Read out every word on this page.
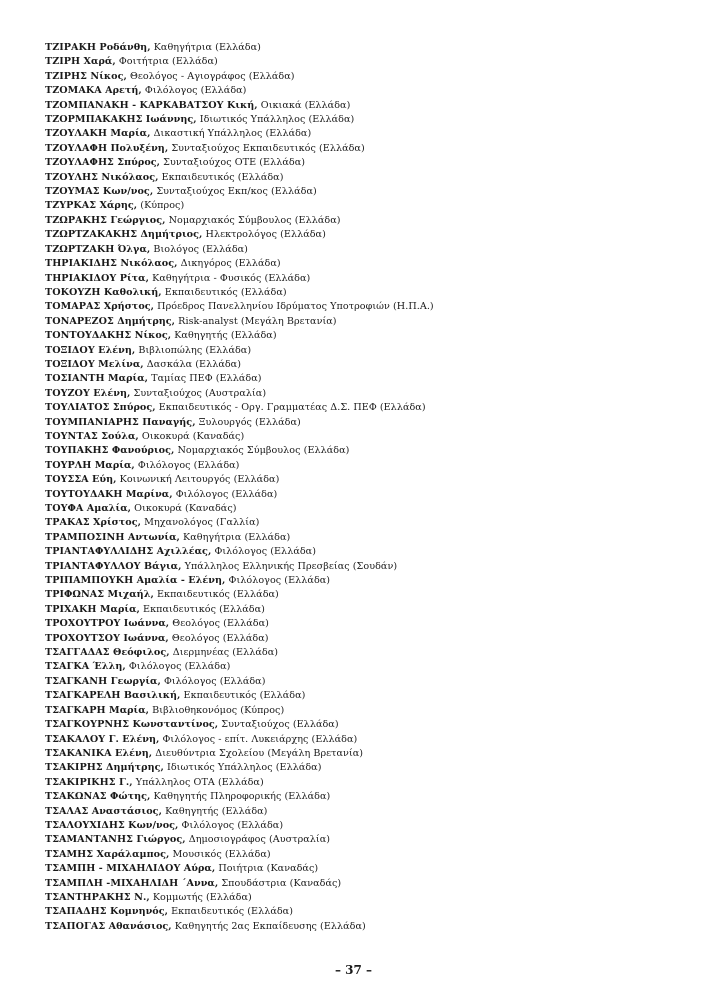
ΤΖΙΡΑΚΗ Ροδάνθη, Καθηγήτρια (Ελλάδα)
ΤΖΙΡΗ Χαρά, Φοιτήτρια (Ελλάδα)
ΤΖΙΡΗΣ Νίκος, Θεολόγος - Αγιογράφος (Ελλάδα)
ΤΖΟΜΑΚΑ Αρετή, Φιλόλογος (Ελλάδα)
ΤΖΟΜΠΑΝΑΚΗ - ΚΑΡΚΑΒΑΤΣΟΥ Κική, Οικιακά (Ελλάδα)
ΤΖΟΡΜΠΑΚΑΚΗΣ Ιωάννης, Ιδιωτικός Υπάλληλος (Ελλάδα)
ΤΖΟΥΛΑΚΗ Μαρία, Δικαστική Υπάλληλος (Ελλάδα)
ΤΖΟΥΛΑΦΗ Πολυξένη, Συνταξιούχος Εκπαιδευτικός (Ελλάδα)
ΤΖΟΥΛΑΦΗΣ Σπύρος, Συνταξιούχος ΟΤΕ (Ελλάδα)
ΤΖΟΥΛΗΣ Νικόλαος, Εκπαιδευτικός (Ελλάδα)
ΤΖΟΥΜΑΣ Κων/νος, Συνταξιούχος Εκπ/κος (Ελλάδα)
ΤΖΥΡΚΑΣ Χάρης, (Κύπρος)
ΤΖΩΡΑΚΗΣ Γεώργιος, Νομαρχιακός Σύμβουλος (Ελλάδα)
ΤΖΩΡΤΖΑΚΑΚΗΣ Δημήτριος, Ηλεκτρολόγος (Ελλάδα)
ΤΖΩΡΤΖΑΚΗ Όλγα, Βιολόγος (Ελλάδα)
ΤΗΡΙΑΚΙΔΗΣ Νικόλαος, Δικηγόρος (Ελλάδα)
ΤΗΡΙΑΚΙΔΟΥ Ρίτα, Καθηγήτρια - Φυσικός (Ελλάδα)
ΤΟΚΟΥΖΗ Καθολική, Εκπαιδευτικός (Ελλάδα)
ΤΟΜΑΡΑΣ Χρήστος, Πρόεδρος Πανελληνίου Ιδρύματος Υποτροφιών (Η.Π.Α.)
ΤΟΝΑΡΕΖΟΣ Δημήτρης, Risk-analyst (Μεγάλη Βρετανία)
ΤΟΝΤΟΥΔΑΚΗΣ Νίκος, Καθηγητής (Ελλάδα)
ΤΟΞΙΔΟΥ Ελένη, Βιβλιοπώλης (Ελλάδα)
ΤΟΞΙΔΟΥ Μελίνα, Δασκάλα (Ελλάδα)
ΤΟΣΙΑΝΤΗ Μαρία, Ταμίας ΠΕΦ (Ελλάδα)
ΤΟΥΖΟΥ Ελένη, Συνταξιούχος (Αυστραλία)
ΤΟΥΛΙΑΤΟΣ Σπύρος, Εκπαιδευτικός - Οργ. Γραμματέας Δ.Σ. ΠΕΦ (Ελλάδα)
ΤΟΥΜΠΑΝΙΑΡΗΣ Παναγής, Ξυλουργός (Ελλάδα)
ΤΟΥΝΤΑΣ Σούλα, Οικοκυρά (Καναδάς)
ΤΟΥΠΑΚΗΣ Φανούριος, Νομαρχιακός Σύμβουλος (Ελλάδα)
ΤΟΥΡΛΗ Μαρία, Φιλόλογος (Ελλάδα)
ΤΟΥΣΣΑ Εύη, Κοινωνική Λειτουργός (Ελλάδα)
ΤΟΥΤΟΥΔΑΚΗ Μαρίνα, Φιλόλογος (Ελλάδα)
ΤΟΥΦΑ Αμαλία, Οικοκυρά (Καναδάς)
ΤΡΑΚΑΣ Χρίστος, Μηχανολόγος (Γαλλία)
ΤΡΑΜΠΟΣΙΝΗ Αντωνία, Καθηγήτρια (Ελλάδα)
ΤΡΙΑΝΤΑΦΥΛΛΙΔΗΣ Αχιλλέας, Φιλόλογος (Ελλάδα)
ΤΡΙΑΝΤΑΦΥΛΛΟΥ Βάγια, Υπάλληλος Ελληνικής Πρεσβείας (Σουδάν)
ΤΡΙΠΑΜΠΟΥΚΗ Αμαλία - Ελένη, Φιλόλογος (Ελλάδα)
ΤΡΙΦΩΝΑΣ Μιχαήλ, Εκπαιδευτικός (Ελλάδα)
ΤΡΙΧΑΚΗ Μαρία, Εκπαιδευτικός (Ελλάδα)
ΤΡΟΧΟΥΤΡΟΥ Ιωάννα, Θεολόγος (Ελλάδα)
ΤΡΟΧΟΥΤΣΟΥ Ιωάννα, Θεολόγος (Ελλάδα)
ΤΣΑΓΓΑΔΑΣ Θεόφιλος, Διερμηνέας (Ελλάδα)
ΤΣΑΓΚΑ Έλλη, Φιλόλογος (Ελλάδα)
ΤΣΑΓΚΑΝΗ Γεωργία, Φιλόλογος (Ελλάδα)
ΤΣΑΓΚΑΡΕΛΗ Βασιλική, Εκπαιδευτικός (Ελλάδα)
ΤΣΑΓΚΑΡΗ Μαρία, Βιβλιοθηκονόμος (Κύπρος)
ΤΣΑΓΚΟΥΡΝΗΣ Κωνσταντίνος, Συνταξιούχος (Ελλάδα)
ΤΣΑΚΑΛΟΥ Γ. Ελένη, Φιλόλογος - επίτ. Λυκειάρχης (Ελλάδα)
ΤΣΑΚΑΝΙΚΑ Ελένη, Διευθύντρια Σχολείου (Μεγάλη Βρετανία)
ΤΣΑΚΙΡΗΣ Δημήτρης, Ιδιωτικός Υπάλληλος (Ελλάδα)
ΤΣΑΚΙΡΙΚΗΣ Γ., Υπάλληλος ΟΤΑ (Ελλάδα)
ΤΣΑΚΩΝΑΣ Φώτης, Καθηγητής Πληροφορικής (Ελλάδα)
ΤΣΑΛΑΣ Αναστάσιος, Καθηγητής (Ελλάδα)
ΤΣΑΛΟΥΧΙΔΗΣ Κων/νος, Φιλόλογος (Ελλάδα)
ΤΣΑΜΑΝΤΑΝΗΣ Γιώργος, Δημοσιογράφος (Αυστραλία)
ΤΣΑΜΗΣ Χαράλαμπος, Μουσικός (Ελλάδα)
ΤΣΑΜΠΗ - ΜΙΧΑΗΛΙΔΟΥ Αύρα, Ποιήτρια (Καναδάς)
ΤΣΑΜΠΛΗ -ΜΙΧΑΗΛΙΔΗ ΄Αννα, Σπουδάστρια (Καναδάς)
ΤΣΑΝΤΗΡΑΚΗΣ Ν., Κομμωτής (Ελλάδα)
ΤΣΑΠΑΔΗΣ Κομνηνός, Εκπαιδευτικός (Ελλάδα)
ΤΣΑΠΟΓΑΣ Αθανάσιος, Καθηγητής 2ας Εκπαίδευσης (Ελλάδα)
– 37 –
